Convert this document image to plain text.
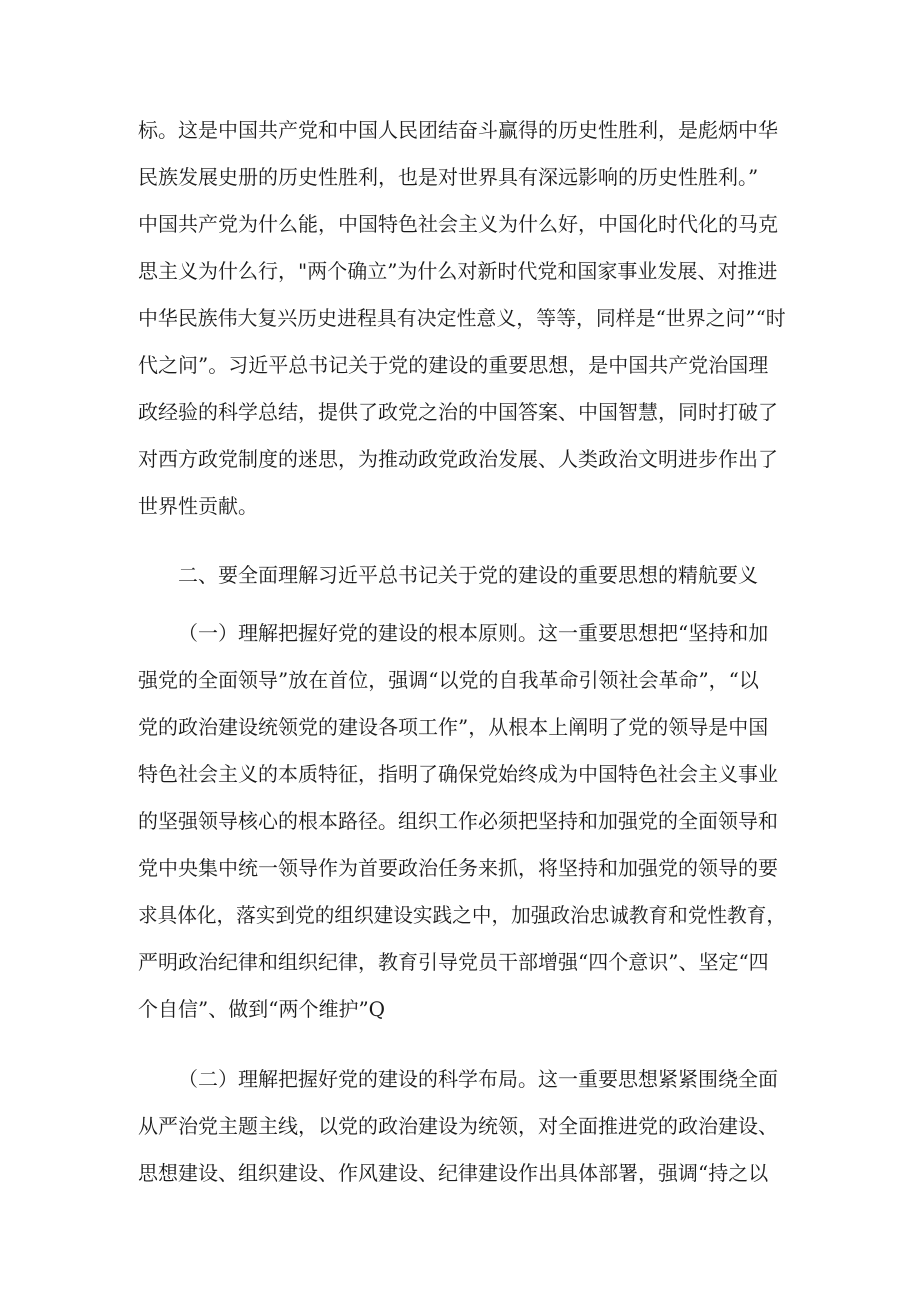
标。这是中国共产党和中国人民团结奋斗赢得的历史性胜利，是彪炳中华
民族发展史册的历史性胜利，也是对世界具有深远影响的历史性胜利。”
中国共产党为什么能，中国特色社会主义为什么好，中国化时代化的马克
思主义为什么行，"两个确立”为什么对新时代党和国家事业发展、对推进
中华民族伟大复兴历史进程具有决定性意义，等等，同样是“世界之问”“时
代之问”。习近平总书记关于党的建设的重要思想，是中国共产党治国理
政经验的科学总结，提供了政党之治的中国答案、中国智慧，同时打破了
对西方政党制度的迷思，为推动政党政治发展、人类政治文明进步作出了
世界性贡献。
二、要全面理解习近平总书记关于党的建设的重要思想的精航要义
（一）理解把握好党的建设的根本原则。这一重要思想把“坚持和加
强党的全面领导”放在首位，强调“以党的自我革命引领社会革命”，“以
党的政治建设统领党的建设各项工作”，从根本上阐明了党的领导是中国
特色社会主义的本质特征，指明了确保党始终成为中国特色社会主义事业
的坚强领导核心的根本路径。组织工作必须把坚持和加强党的全面领导和
党中央集中统一领导作为首要政治任务来抓，将坚持和加强党的领导的要
求具体化，落实到党的组织建设实践之中，加强政治忠诚教育和党性教育，
严明政治纪律和组织纪律，教育引导党员干部增强“四个意识”、坚定“四
个自信”、做到“两个维护”Q
（二）理解把握好党的建设的科学布局。这一重要思想紧紧围绕全面
从严治党主题主线，以党的政治建设为统领，对全面推进党的政治建设、
思想建设、组织建设、作风建设、纪律建设作出具体部署，强调“持之以
